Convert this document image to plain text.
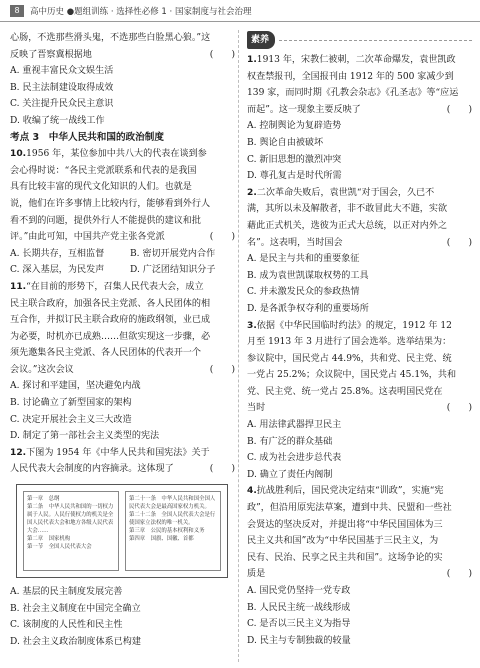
8	高中历史 ●题组训练 · 选择性必修 1 · 国家制度与社会治理
心肠，不选那些滑头鬼，不选那些白脸黑心狼。”这
反映了晋察冀根据地	(　　)
A. 重视丰富民众文娱生活
B. 民主法制建设取得成效
C. 关注提升民众民主意识
D. 收编了统一战线工作
考点 3　中华人民共和国的政治制度
10.1956 年，某位参加中共八大的代表在谈到参
会心得时说：“各民主党派联系和代表的是我国
具有比较丰富的现代文化知识的人们。也就是
说，他们在许多事情上比较内行，能够看到外行人
看不到的问题，提供外行人不能提供的建议和批
评。”由此可知，中国共产党主张各党派	(　　)
A. 长期共存，互相监督	B. 密切开展党内合作
C. 深入基层，为民发声	D. 广泛团结知识分子
11.“在目前的形势下，召集人民代表大会，成立
民主联合政府，加强各民主党派、各人民团体的相
互合作，并拟订民主联合政府的施政纲领，业已成
为必要，时机亦已成熟……但欲实现这一步骤，必
须先邀集各民主党派、各人民团体的代表开一个
会议。”这次会议	(　　)
A. 探讨和平建国，坚决避免内战
B. 讨论确立了新型国家的架构
C. 决定开展社会主义三大改造
D. 制定了第一部社会主义类型的宪法
12.下图为 1954 年《中华人民共和国宪法》关于
人民代表大会制度的内容摘录。这体现了	(　　)
第一章　总纲
第二条　中华人民共和国的一切权力属于人民。人民行使权力的机关是全国人民代表大会和地方各级人民代表大会……
第二章　国家机构
第一节　全国人民代表大会
第二十一条　中华人民共和国全国人民代表大会是最高国家权力机关。
第二十二条　全国人民代表大会是行使国家立法权的唯一机关。
第三章　公民的基本权利和义务
第四章　国旗、国徽、首都
A. 基层的民主制度发展完善
B. 社会主义制度在中国完全确立
C. 该制度的人民性和民主性
D. 社会主义政治制度体系已构建
素养
1.1913 年，宋教仁被刺，二次革命爆发，袁世凯政
权查禁报刊，全国报刊由 1912 年的 500 家减少到
139 家，而同时期《孔教会杂志》《孔圣志》等“应运
而起”。这一现象主要反映了	(　　)
A. 控制舆论为复辟造势
B. 舆论自由被破坏
C. 新旧思想的激烈冲突
D. 尊孔复古是时代所需
2.二次革命失败后，袁世凯“对于国会，久已不
满，其所以未及解散者，非不敢冒此大不韪，实欲
藉此正式机关，选彼为正式大总统，以正对内外之
名”。这表明，当时国会	(　　)
A. 是民主与共和的重要象征
B. 成为袁世凯谋取权势的工具
C. 并未激发民众的参政热情
D. 是各派争权夺利的重要场所
3.依据《中华民国临时约法》的规定，1912 年 12
月至 1913 年 3 月进行了国会选举。选举结果为：
参议院中，国民党占 44.9%，共和党、民主党、统
一党占 25.2%；众议院中，国民党占 45.1%，共和
党、民主党、统一党占 25.8%。这表明国民党在
当时	(　　)
A. 用法律武器捍卫民主
B. 有广泛的群众基础
C. 成为社会进步总代表
D. 确立了责任内阁制
4.抗战胜利后，国民党决定结束“训政”，实施“宪
政”，但沿用原宪法草案，遭到中共、民盟和一些社
会贤达的坚决反对，并提出将“中华民国国体为三
民主义共和国”改为“中华民国基于三民主义，为
民有、民治、民享之民主共和国”。这场争论的实
质是	(　　)
A. 国民党仍坚持一党专政
B. 人民民主统一战线形成
C. 是否以三民主义为指导
D. 民主与专制独裁的较量
